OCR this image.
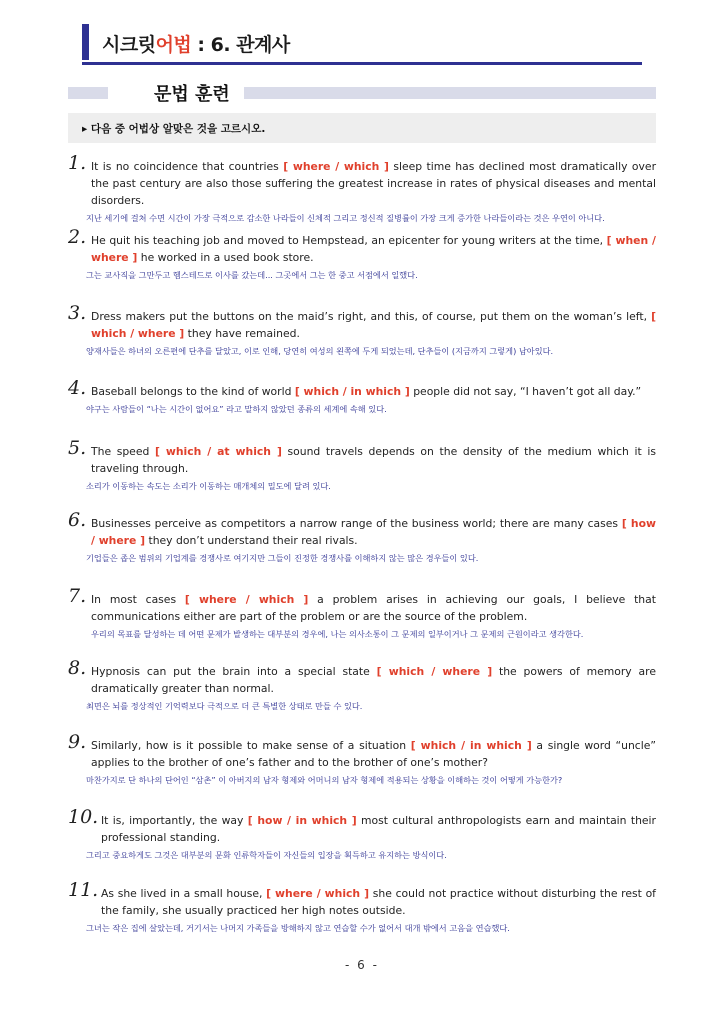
시크릿어법 : 6. 관계사
문법 훈련
▸ 다음 중 어법상 알맞은 것을 고르시오.
1. It is no coincidence that countries [ where / which ] sleep time has declined most dramatically over the past century are also those suffering the greatest increase in rates of physical diseases and mental disorders.
지난 세기에 걸쳐 수면 시간이 가장 극적으로 감소한 나라들이 신체적 그리고 정신적 질병률이 가장 크게 증가한 나라들이라는 것은 우연이 아니다.
2. He quit his teaching job and moved to Hempstead, an epicenter for young writers at the time, [ when / where ] he worked in a used book store.
그는 교사직을 그만두고 헴스테드로 이사를 갔는데... 그곳에서 그는 한 중고 서점에서 일했다.
3. Dress makers put the buttons on the maid’s right, and this, of course, put them on the woman’s left, [ which / where ] they have remained.
양재사들은 하녀의 오른편에 단추를 달았고, 이로 인해, 당연히 여성의 왼쪽에 두게 되었는데, 단추들이 (지금까지 그렇게) 남아있다.
4. Baseball belongs to the kind of world [ which / in which ] people did not say, “I haven’t got all day.”
야구는 사람들이 “나는 시간이 없어요” 라고 말하지 않았던 종류의 세계에 속해 있다.
5. The speed [ which / at which ] sound travels depends on the density of the medium which it is traveling through.
소리가 이동하는 속도는 소리가 이동하는 매개체의 밀도에 달려 있다.
6. Businesses perceive as competitors a narrow range of the business world; there are many cases [ how / where ] they don’t understand their real rivals.
기업들은 좁은 범위의 기업계를 경쟁사로 여기지만 그들이 진정한 경쟁사를 이해하지 않는 많은 경우들이 있다.
7. In most cases [ where / which ] a problem arises in achieving our goals, I believe that communications either are part of the problem or are the source of the problem.
우리의 목표를 달성하는 데 어떤 문제가 발생하는 대부분의 경우에, 나는 의사소통이 그 문제의 일부이거나 그 문제의 근원이라고 생각한다.
8. Hypnosis can put the brain into a special state [ which / where ] the powers of memory are dramatically greater than normal.
최면은 뇌를 정상적인 기억력보다 극적으로 더 큰 특별한 상태로 만들 수 있다.
9. Similarly, how is it possible to make sense of a situation [ which / in which ] a single word “uncle” applies to the brother of one’s father and to the brother of one’s mother?
마찬가지로 단 하나의 단어인 “삼촌” 이 아버지의 남자 형제와 어머니의 남자 형제에 적용되는 상황을 이해하는 것이 어떻게 가능한가?
10. It is, importantly, the way [ how / in which ] most cultural anthropologists earn and maintain their professional standing.
그리고 중요하게도 그것은 대부분의 문화 인류학자들이 자신들의 입장을 획득하고 유지하는 방식이다.
11. As she lived in a small house, [ where / which ] she could not practice without disturbing the rest of the family, she usually practiced her high notes outside.
그녀는 작은 집에 살았는데, 거기서는 나머지 가족들을 방해하지 않고 연습할 수가 없어서 대개 밖에서 고음을 연습했다.
- 6 -
